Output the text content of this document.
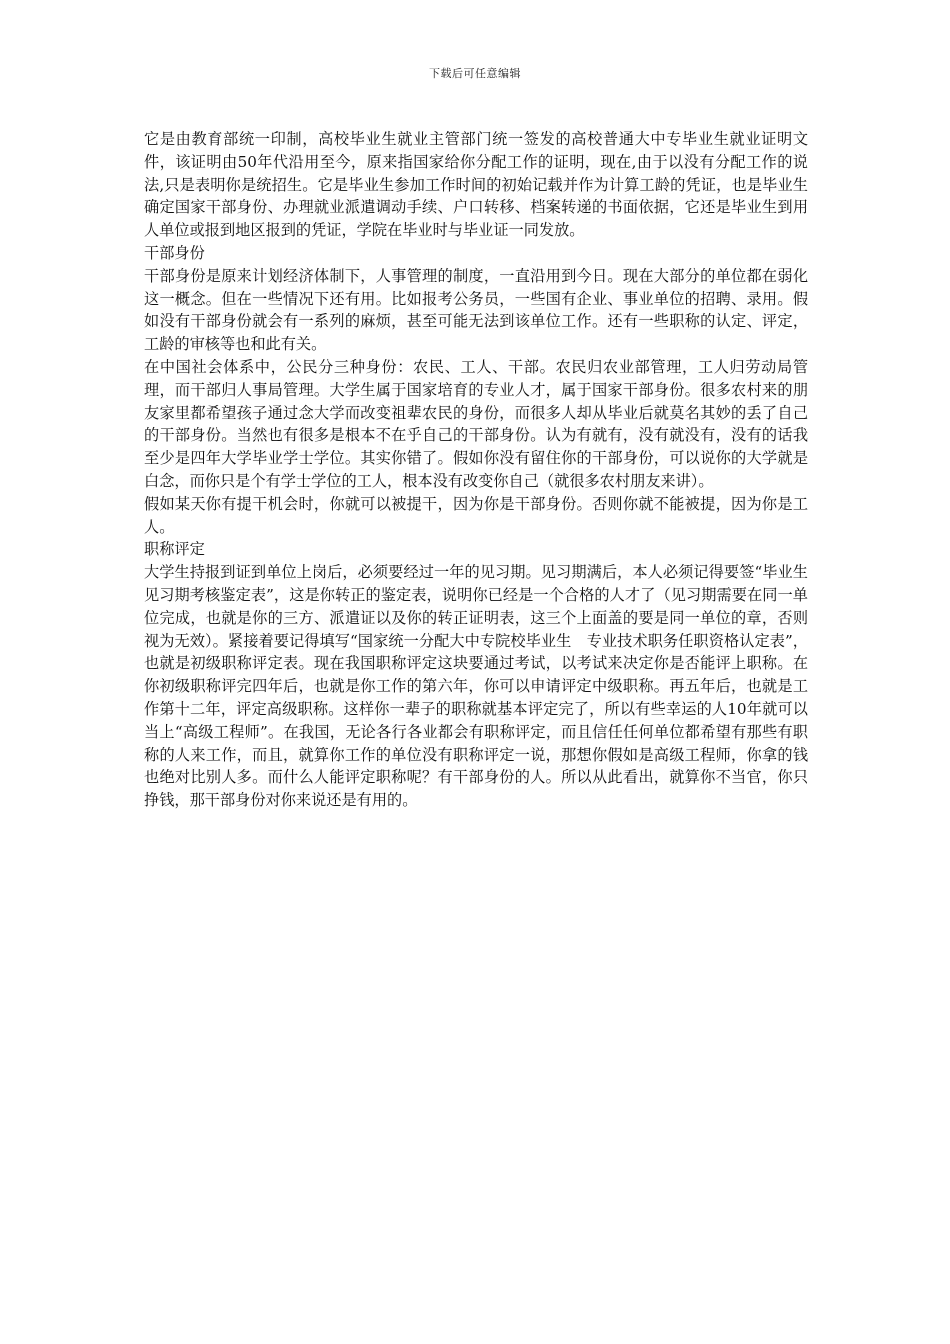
下载后可任意编辑

它是由教育部统一印制，高校毕业生就业主管部门统一签发的高校普通大中专毕业生就业证明文件，该证明由50年代沿用至今，原来指国家给你分配工作的证明，现在,由于以没有分配工作的说法,只是表明你是统招生。它是毕业生参加工作时间的初始记载并作为计算工龄的凭证，也是毕业生确定国家干部身份、办理就业派遣调动手续、户口转移、档案转递的书面依据，它还是毕业生到用人单位或报到地区报到的凭证，学院在毕业时与毕业证一同发放。

干部身份

干部身份是原来计划经济体制下，人事管理的制度，一直沿用到今日。现在大部分的单位都在弱化这一概念。但在一些情况下还有用。比如报考公务员，一些国有企业、事业单位的招聘、录用。假如没有干部身份就会有一系列的麻烦，甚至可能无法到该单位工作。还有一些职称的认定、评定，工龄的审核等也和此有关。

在中国社会体系中，公民分三种身份：农民、工人、干部。农民归农业部管理，工人归劳动局管理，而干部归人事局管理。大学生属于国家培育的专业人才，属于国家干部身份。很多农村来的朋友家里都希望孩子通过念大学而改变祖辈农民的身份，而很多人却从毕业后就莫名其妙的丢了自己的干部身份。当然也有很多是根本不在乎自己的干部身份。认为有就有，没有就没有，没有的话我至少是四年大学毕业学士学位。其实你错了。假如你没有留住你的干部身份，可以说你的大学就是白念，而你只是个有学士学位的工人，根本没有改变你自己（就很多农村朋友来讲）。

假如某天你有提干机会时，你就可以被提干，因为你是干部身份。否则你就不能被提，因为你是工人。

职称评定

大学生持报到证到单位上岗后，必须要经过一年的见习期。见习期满后，本人必须记得要签“毕业生见习期考核鉴定表”，这是你转正的鉴定表，说明你已经是一个合格的人才了（见习期需要在同一单位完成，也就是你的三方、派遣证以及你的转正证明表，这三个上面盖的要是同一单位的章，否则视为无效）。紧接着要记得填写“国家统一分配大中专院校毕业生　专业技术职务任职资格认定表”，也就是初级职称评定表。现在我国职称评定这块要通过考试，以考试来决定你是否能评上职称。在你初级职称评完四年后，也就是你工作的第六年，你可以申请评定中级职称。再五年后，也就是工作第十二年，评定高级职称。这样你一辈子的职称就基本评定完了，所以有些幸运的人10年就可以当上“高级工程师”。在我国，无论各行各业都会有职称评定，而且信任任何单位都希望有那些有职称的人来工作，而且，就算你工作的单位没有职称评定一说，那想你假如是高级工程师，你拿的钱也绝对比别人多。而什么人能评定职称呢？有干部身份的人。所以从此看出，就算你不当官，你只挣钱，那干部身份对你来说还是有用的。
